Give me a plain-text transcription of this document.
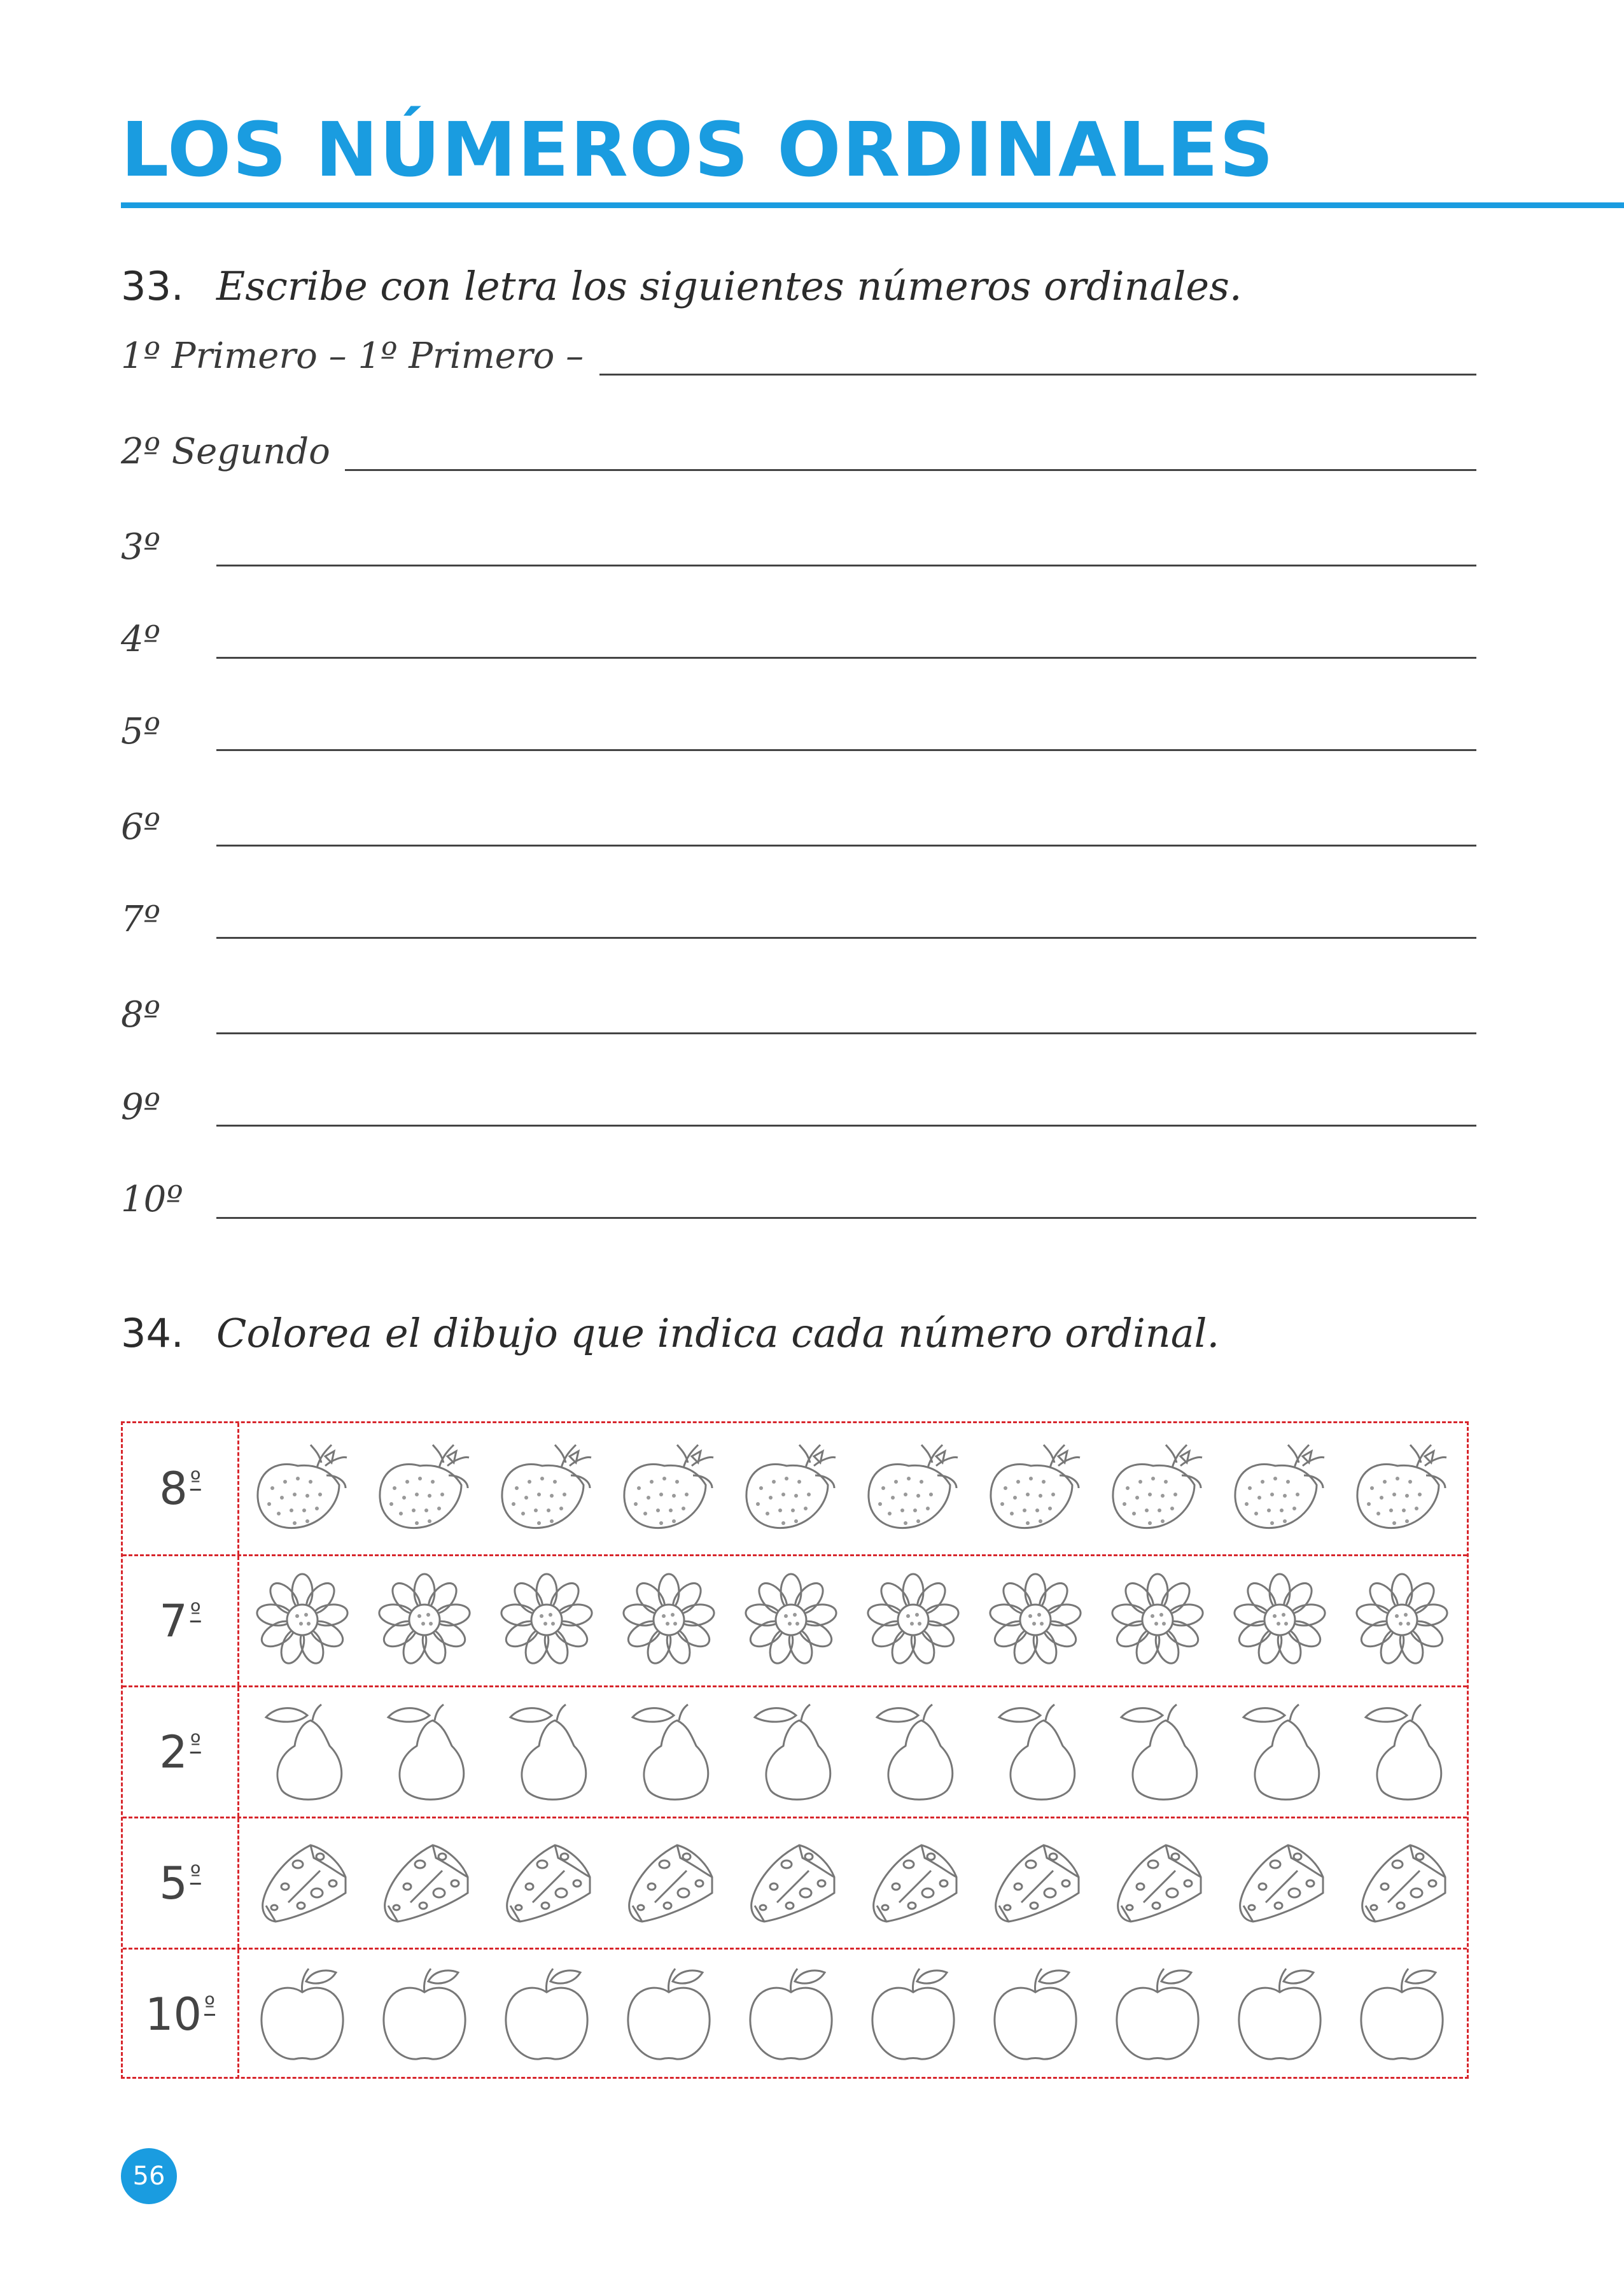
LOS NÚMEROS ORDINALES
33. Escribe con letra los siguientes números ordinales.
1º Primero – 1º Primero –
2º Segundo
3º
4º
5º
6º
7º
8º
9º
10º
34. Colorea el dibujo que indica cada número ordinal.
8 º
7 º
2 º
5 º
10 º
56
